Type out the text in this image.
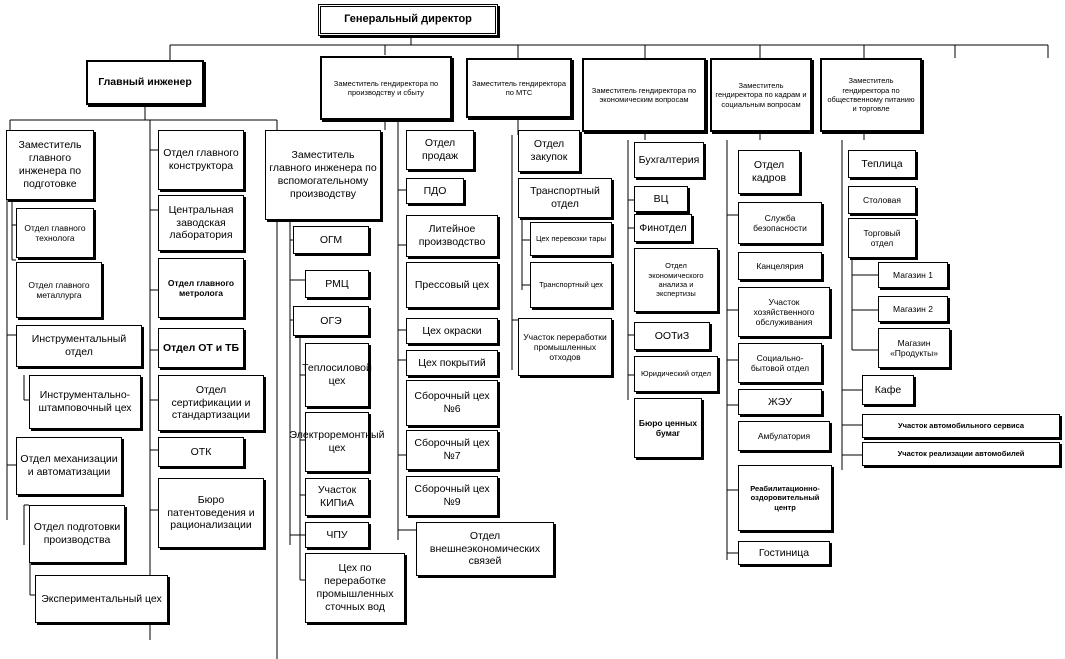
Генеральный директор
Главный инженер	Заместитель гендиректора по производству и сбыту
Заместитель гендиректора по МТС	Заместитель гендиректора по экономическим вопросам
Заместитель гендиректора по кадрам и социальным вопросам
Заместитель гендиректора по общественному питанию и торговле
Заместитель главного инженера по подготовке
Отдел главного технолога
Отдел главного металлурга
Инструментальный отдел
Инструментально-штамповочный цех
Отдел механизации и автоматизации
Отдел подготовки производства
Экспериментальный цех
Отдел главного конструктора
Центральная заводская лаборатория
Отдел главного метролога
Отдел ОТ и ТБ
Отдел сертификации и стандартизации
ОТК
Бюро патентоведения и рационализации
Заместитель главного инженера по вспомогательному производству
ОГМ
РМЦ
ОГЭ
Теплосиловой цех
Электроремонтный цех
Участок КИПиА
ЧПУ
Цех по переработке промышленных сточных вод
Отдел продаж
ПДО
Литейное производство
Прессовый цех
Цех окраски
Цех покрытий
Сборочный цех №6
Сборочный цех №7
Сборочный цех №9
Отдел внешнеэкономических связей
Отдел закупок
Транспортный отдел
Цех перевозки тары
Транспортный цех
Участок переработки промышленных отходов
Бухгалтерия
ВЦ
Финотдел
Отдел экономического анализа и экспертизы
ООТиЗ
Юридический отдел
Бюро ценных бумаг
Отдел кадров
Служба безопасности
Канцелярия
Участок хозяйственного обслуживания
Социально-бытовой отдел
ЖЭУ
Амбулатория
Реабилитационно-оздоровительный центр
Гостиница
Теплица
Столовая
Торговый отдел
Магазин 1
Магазин 2
Магазин «Продукты»
Кафе
Участок автомобильного сервиса
Участок реализации автомобилей
